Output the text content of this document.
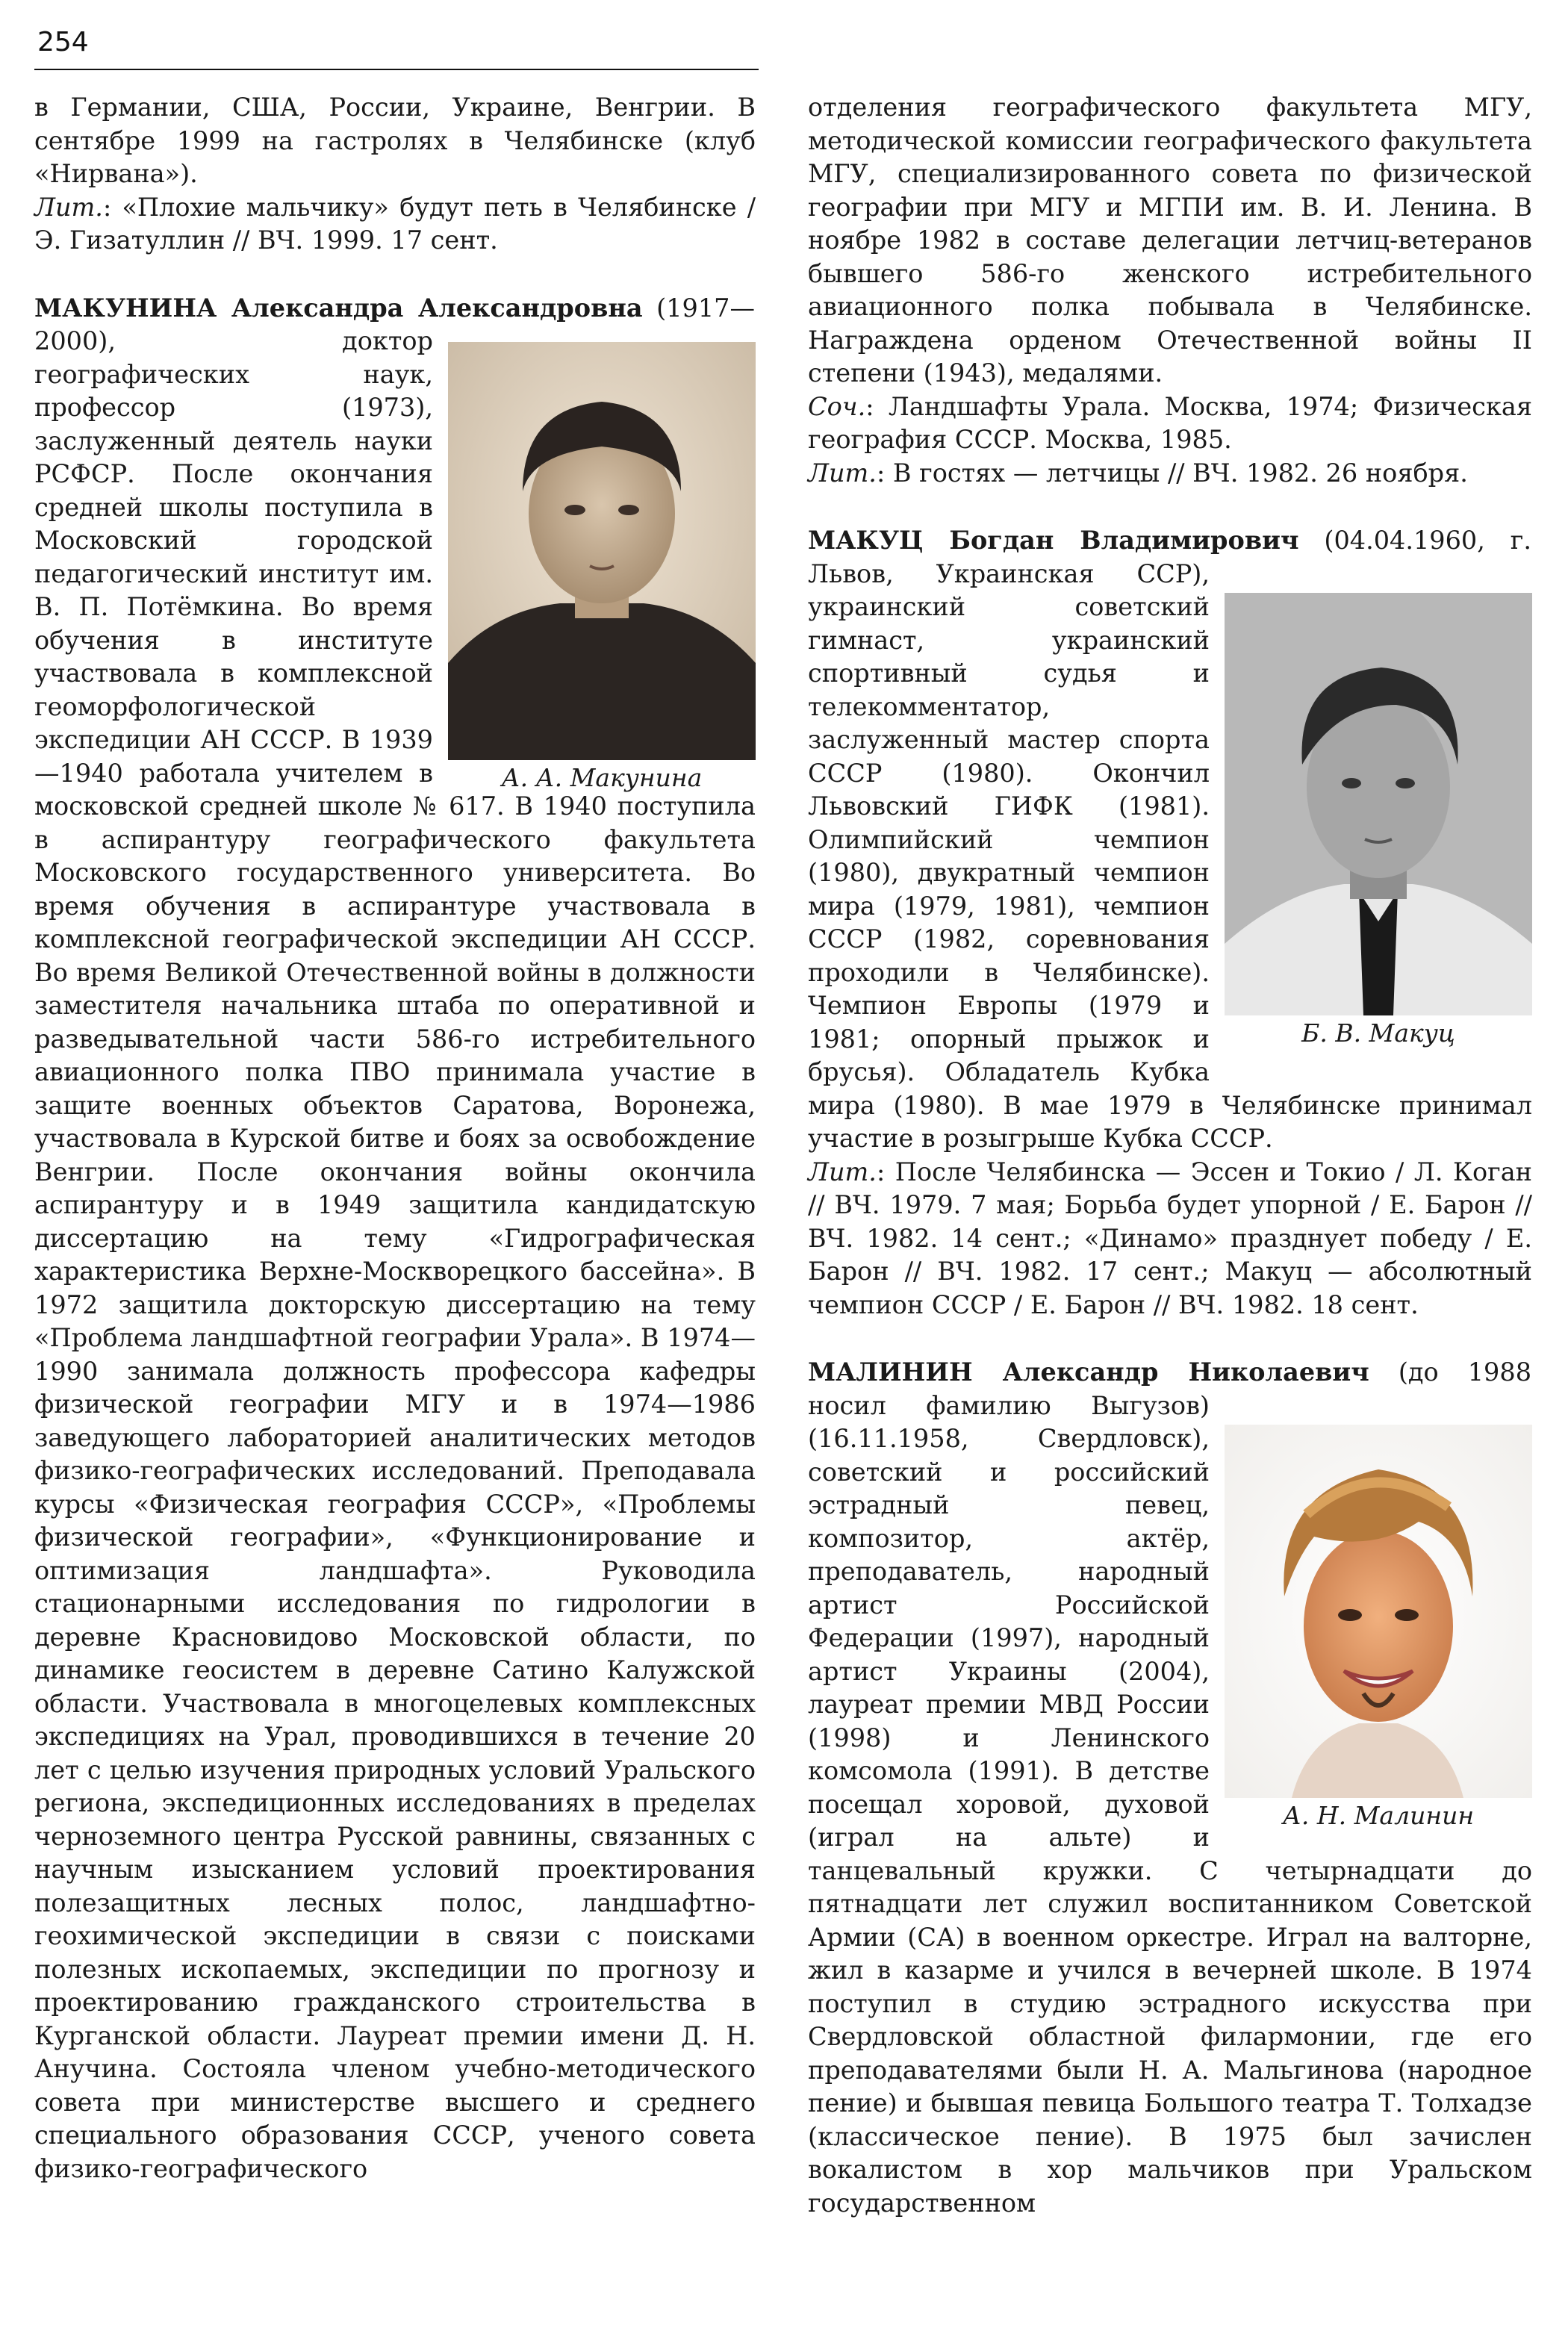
254

в Германии, США, России, Украине, Венгрии. В сентябре 1999 на гастролях в Челябинске (клуб «Нирвана»).

Лит.: «Плохие мальчику» будут петь в Челябинске / Э. Гизатуллин // ВЧ. 1999. 17 сент.

МАКУНИНА Александра Александровна (1917—2000), доктор географических наук, профессор (1973), заслуженный деятель науки РСФСР. После окончания средней школы поступила в Московский городской педагогический институт им. В. П. Потёмкина. Во время обучения в институте участвовала в комплексной геоморфологической экспедиции АН СССР. В 1939—1940 работала учителем в московской средней школе № 617. В 1940 поступила в аспирантуру географического факультета Московского государственного университета. Во время обучения в аспирантуре участвовала в комплексной географической экспедиции АН СССР. Во время Великой Отечественной войны в должности заместителя начальника штаба по оперативной и разведывательной части 586-го истребительного авиационного полка ПВО принимала участие в защите военных объектов Саратова, Воронежа, участвовала в Курской битве и боях за освобождение Венгрии. После окончания войны окончила аспирантуру и в 1949 защитила кандидатскую диссертацию на тему «Гидрографическая характеристика Верхне-Москворецкого бассейна». В 1972 защитила докторскую диссертацию на тему «Проблема ландшафтной географии Урала». В 1974—1990 занимала должность профессора кафедры физической географии МГУ и в 1974—1986 заведующего лабораторией аналитических методов физико-географических исследований. Преподавала курсы «Физическая география СССР», «Проблемы физической географии», «Функционирование и оптимизация ландшафта». Руководила стационарными исследования по гидрологии в деревне Красновидово Московской области, по динамике геосистем в деревне Сатино Калужской области. Участвовала в многоцелевых комплексных экспедициях на Урал, проводившихся в течение 20 лет с целью изучения природных условий Уральского региона, экспедиционных исследованиях в пределах черноземного центра Русской равнины, связанных с научным изысканием условий проектирования полезащитных лесных полос, ландшафтно-геохимической экспедиции в связи с поисками полезных ископаемых, экспедиции по прогнозу и проектированию гражданского строительства в Курганской области. Лауреат премии имени Д. Н. Анучина. Состояла членом учебно-методического совета при министерстве высшего и среднего специального образования СССР, ученого совета физико-географического

А. А. Макунина

отделения географического факультета МГУ, методической комиссии географического факультета МГУ, специализированного совета по физической географии при МГУ и МГПИ им. В. И. Ленина. В ноябре 1982 в составе делегации летчиц-ветеранов бывшего 586-го женского истребительного авиационного полка побывала в Челябинске. Награждена орденом Отечественной войны II степени (1943), медалями.

Соч.: Ландшафты Урала. Москва, 1974; Физическая география СССР. Москва, 1985.

Лит.: В гостях — летчицы // ВЧ. 1982. 26 ноября.

МАКУЦ Богдан Владимирович (04.04.1960, г. Львов, Украинская ССР), украинский советский гимнаст, украинский спортивный судья и телекомментатор, заслуженный мастер спорта СССР (1980). Окончил Львовский ГИФК (1981). Олимпийский чемпион (1980), двукратный чемпион мира (1979, 1981), чемпион СССР (1982, соревнования проходили в Челябинске). Чемпион Европы (1979 и 1981; опорный прыжок и брусья). Обладатель Кубка мира (1980). В мае 1979 в Челябинске принимал участие в розыгрыше Кубка СССР.

Лит.: После Челябинска — Эссен и Токио / Л. Коган // ВЧ. 1979. 7 мая; Борьба будет упорной / Е. Барон // ВЧ. 1982. 14 сент.; «Динамо» празднует победу / Е. Барон // ВЧ. 1982. 17 сент.; Макуц — абсолютный чемпион СССР / Е. Барон // ВЧ. 1982. 18 сент.

МАЛИНИН Александр Николаевич (до 1988 носил фамилию Выгузов) (16.11.1958, Свердловск), советский и российский эстрадный певец, композитор, актёр, преподаватель, народный артист Российской Федерации (1997), народный артист Украины (2004), лауреат премии МВД России (1998) и Ленинского комсомола (1991). В детстве посещал хоровой, духовой (играл на альте) и танцевальный кружки. С четырнадцати до пятнадцати лет служил воспитанником Советской Армии (СА) в военном оркестре. Играл на валторне, жил в казарме и учился в вечерней школе. В 1974 поступил в студию эстрадного искусства при Свердловской областной филармонии, где его преподавателями были Н. А. Мальгинова (народное пение) и бывшая певица Большого театра Т. Толхадзе (классическое пение). В 1975 был зачислен вокалистом в хор мальчиков при Уральском государственном

Б. В. Макуц
А. Н. Малинин
